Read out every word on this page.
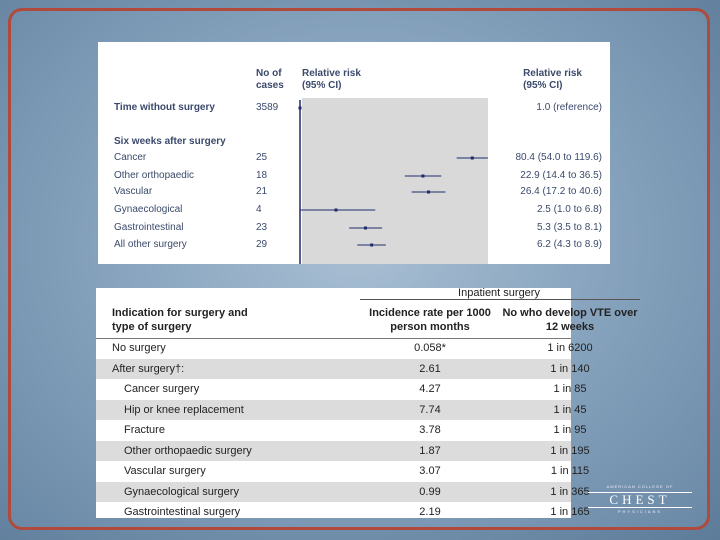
No of
cases
Relative risk
(95% CI)
Relative risk
(95% CI)
Time without surgery	3589	1.0 (reference)
Six weeks after surgery
Cancer	25	80.4 (54.0 to 119.6)
Other orthopaedic	18	22.9 (14.4 to 36.5)
Vascular	21	26.4 (17.2 to 40.6)
Gynaecological	4	2.5 (1.0 to 6.8)
Gastrointestinal	23	5.3 (3.5 to 8.1)
All other surgery	29	6.2 (4.3 to 8.9)
Inpatient surgery
Indication for surgery and
type of surgery
Incidence rate per 1000
person months
No who develop VTE over
12 weeks
No surgery	0.058*	1 in 6200
After surgery†:	2.61	1 in 140
Cancer surgery	4.27	1 in 85
Hip or knee replacement	7.74	1 in 45
Fracture	3.78	1 in 95
Other orthopaedic surgery	1.87	1 in 195
Vascular surgery	3.07	1 in 115
Gynaecological surgery	0.99	1 in 365
Gastrointestinal surgery	2.19	1 in 165
AMERICAN COLLEGE OF
CHEST
PHYSICIANS
